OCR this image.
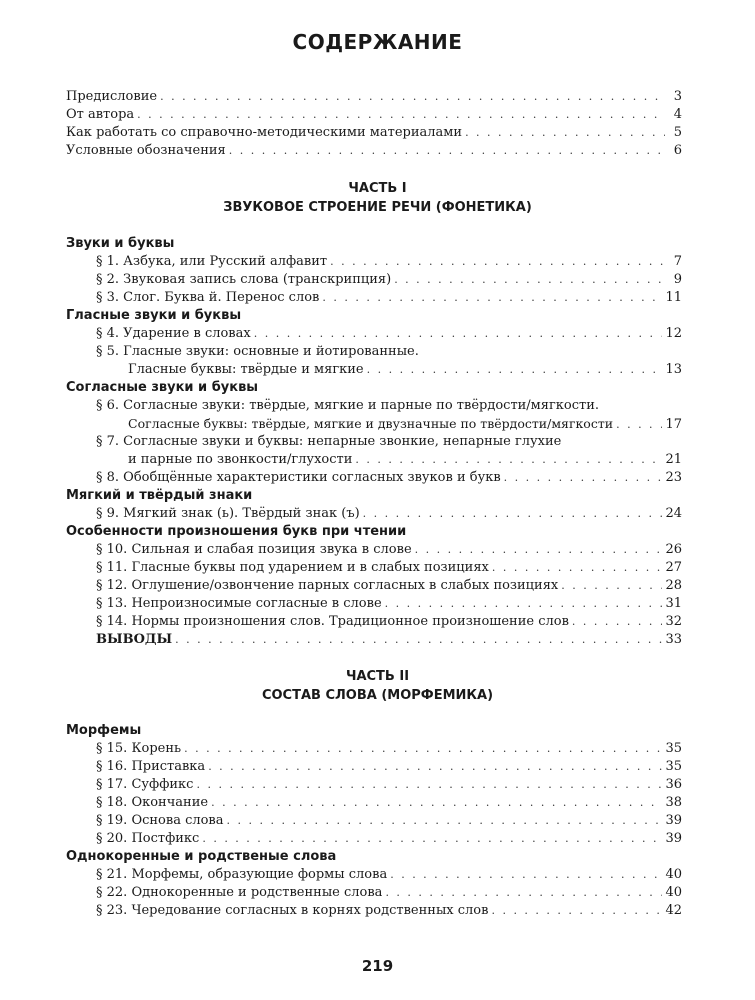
СОДЕРЖАНИЕ
Предисловие . . .	3
От автора . . .	4
Как работать со справочно-методическими материалами . . .	5
Условные обозначения . . .	6
ЧАСТЬ I
ЗВУКОВОЕ СТРОЕНИЕ РЕЧИ (ФОНЕТИКА)
Звуки и буквы
§ 1. Азбука, или Русский алфавит . . .	7
§ 2. Звуковая запись слова (транскрипция) . . .	9
§ 3. Слог. Буква й. Перенос слов . . .	11
Гласные звуки и буквы
§ 4. Ударение в словах . . .	12
§ 5. Гласные звуки: основные и йотированные.
Гласные буквы: твёрдые и мягкие . . .	13
Согласные звуки и буквы
§ 6. Согласные звуки: твёрдые, мягкие и парные по твёрдости/мягкости.
Согласные буквы: твёрдые, мягкие и двузначные по твёрдости/мягкости . . .	17
§ 7. Согласные звуки и буквы: непарные звонкие, непарные глухие
и парные по звонкости/глухости . . .	21
§ 8. Обобщённые характеристики согласных звуков и букв . . .	23
Мягкий и твёрдый знаки
§ 9. Мягкий знак (ь). Твёрдый знак (ъ) . . .	24
Особенности произношения букв при чтении
§ 10. Сильная и слабая позиция звука в слове . . .	26
§ 11. Гласные буквы под ударением и в слабых позициях . . .	27
§ 12. Оглушение/озвончение парных согласных в слабых позициях . . .	28
§ 13. Непроизносимые согласные в слове . . .	31
§ 14. Нормы произношения слов. Традиционное произношение слов . . .	32
ВЫВОДЫ . . .	33
ЧАСТЬ II
СОСТАВ СЛОВА (МОРФЕМИКА)
Морфемы
§ 15. Корень . . .	35
§ 16. Приставка . . .	35
§ 17. Суффикс . . .	36
§ 18. Окончание . . .	38
§ 19. Основа слова . . .	39
§ 20. Постфикс . . .	39
Однокоренные и родственые слова
§ 21. Морфемы, образующие формы слова . . .	40
§ 22. Однокоренные и родственные слова . . .	40
§ 23. Чередование согласных в корнях родственных слов . . .	42
219
